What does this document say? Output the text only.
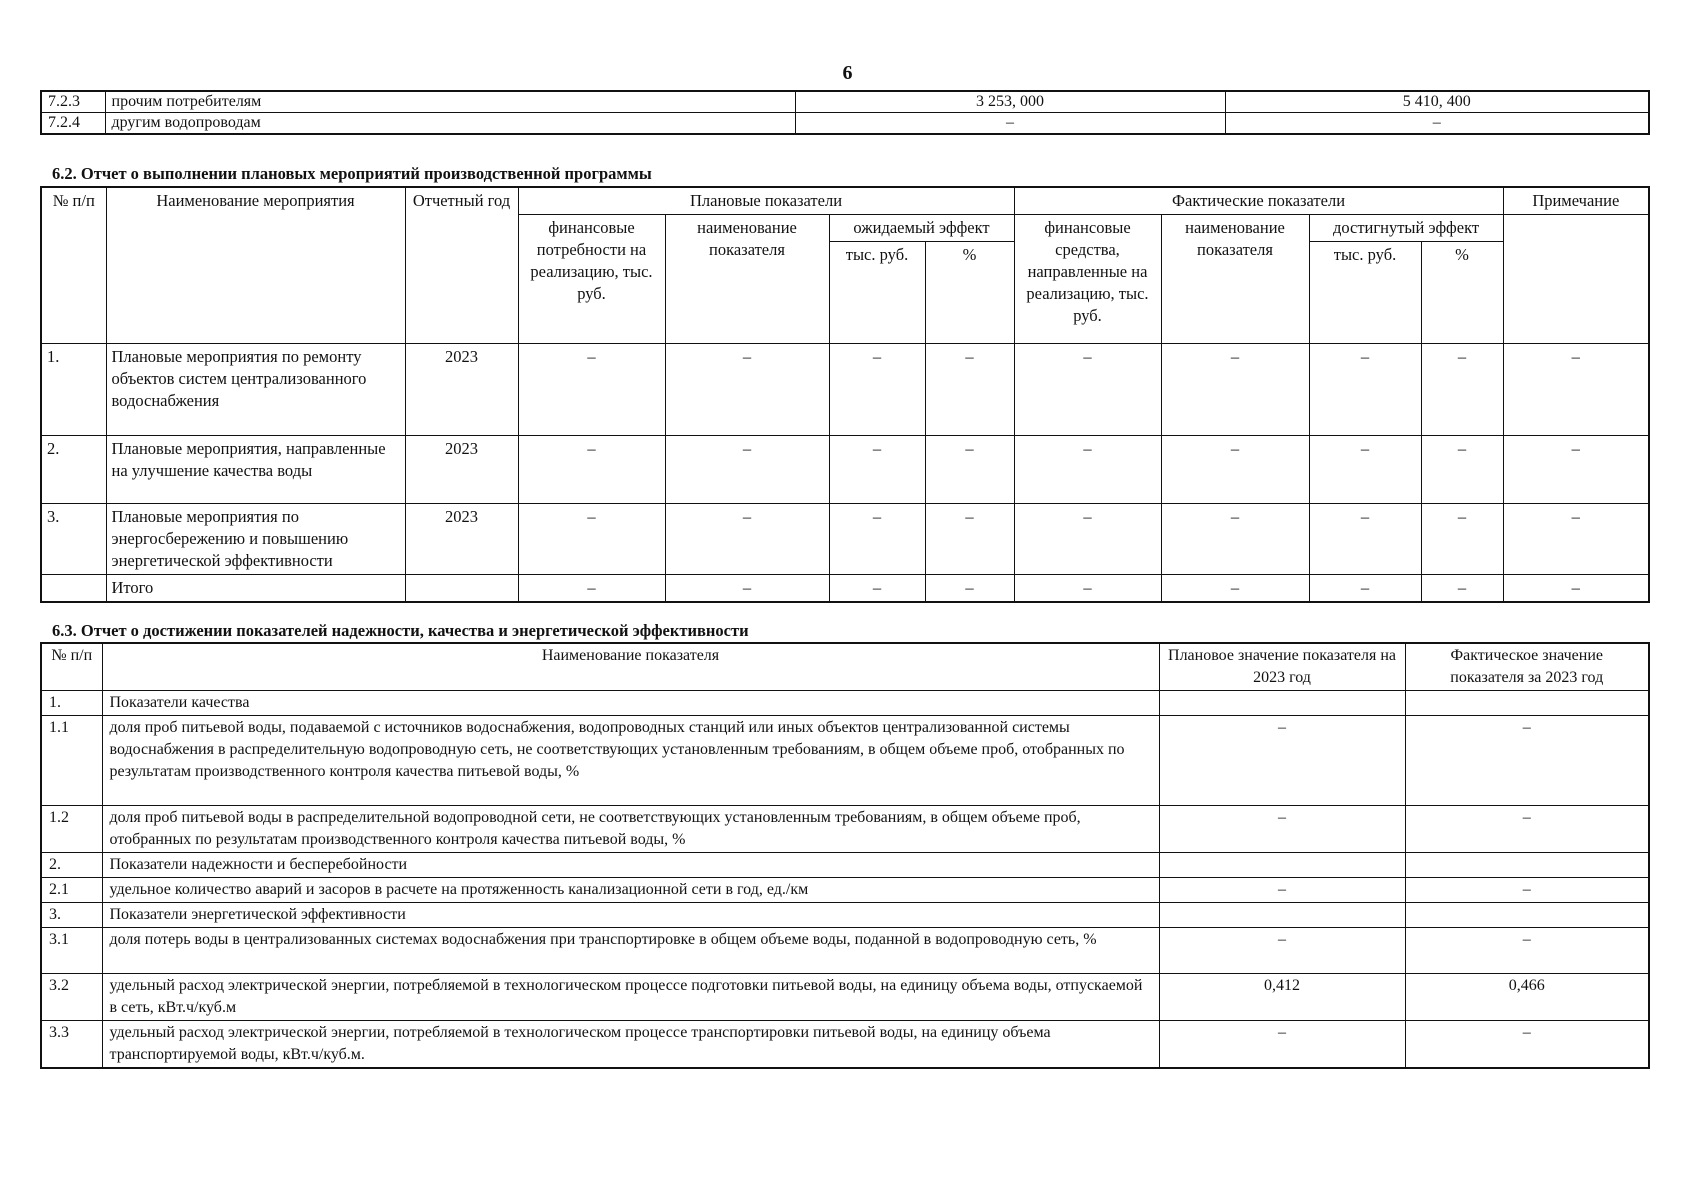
6
7.2.3	прочим потребителям	3 253, 000	5 410, 400
7.2.4	другим водопроводам	–	–
6.2. Отчет о выполнении плановых мероприятий производственной программы
№ п/п	Наименование мероприятия	Отчетный год	Плановые показатели				Фактические показатели				Примечание
			финансовые потребности на реализацию, тыс. руб.	наименование показателя	ожидаемый эффект		финансовые средства, направленные на реализацию, тыс. руб.	наименование показателя	достигнутый эффект		
					тыс. руб.	%			тыс. руб.	%	
1.	Плановые мероприятия по ремонту объектов систем централизованного водоснабжения	2023	–	–	–	–	–	–	–	–	–
2.	Плановые мероприятия, направленные на улучшение качества воды	2023	–	–	–	–	–	–	–	–	–
3.	Плановые мероприятия по энергосбережению и повышению энергетической эффективности	2023	–	–	–	–	–	–	–	–	–
	Итого		–	–	–	–	–	–	–	–	–
6.3. Отчет о достижении показателей надежности, качества и энергетической эффективности
№ п/п	Наименование показателя	Плановое значение показателя на 2023 год	Фактическое значение показателя за 2023 год
1.	Показатели качества		
1.1	доля проб питьевой воды, подаваемой с источников водоснабжения, водопроводных станций или иных объектов централизованной системы водоснабжения в распределительную водопроводную сеть, не соответствующих установленным требованиям, в общем объеме проб, отобранных по результатам производственного контроля качества питьевой воды, %	–	–
1.2	доля проб питьевой воды в распределительной водопроводной сети, не соответствующих установленным требованиям, в общем объеме проб, отобранных по результатам производственного контроля качества питьевой воды, %	–	–
2.	Показатели надежности и бесперебойности		
2.1	удельное количество аварий и засоров в расчете на протяженность канализационной сети в год, ед./км	–	–
3.	Показатели энергетической эффективности		
3.1	доля потерь воды в централизованных системах водоснабжения при транспортировке в общем объеме воды, поданной в водопроводную сеть, %	–	–
3.2	удельный расход электрической энергии, потребляемой в технологическом процессе подготовки питьевой воды, на единицу объема воды, отпускаемой в сеть, кВт.ч/куб.м	0,412	0,466
3.3	удельный расход электрической энергии, потребляемой в технологическом процессе транспортировки питьевой воды, на единицу объема транспортируемой воды, кВт.ч/куб.м.	–	–
